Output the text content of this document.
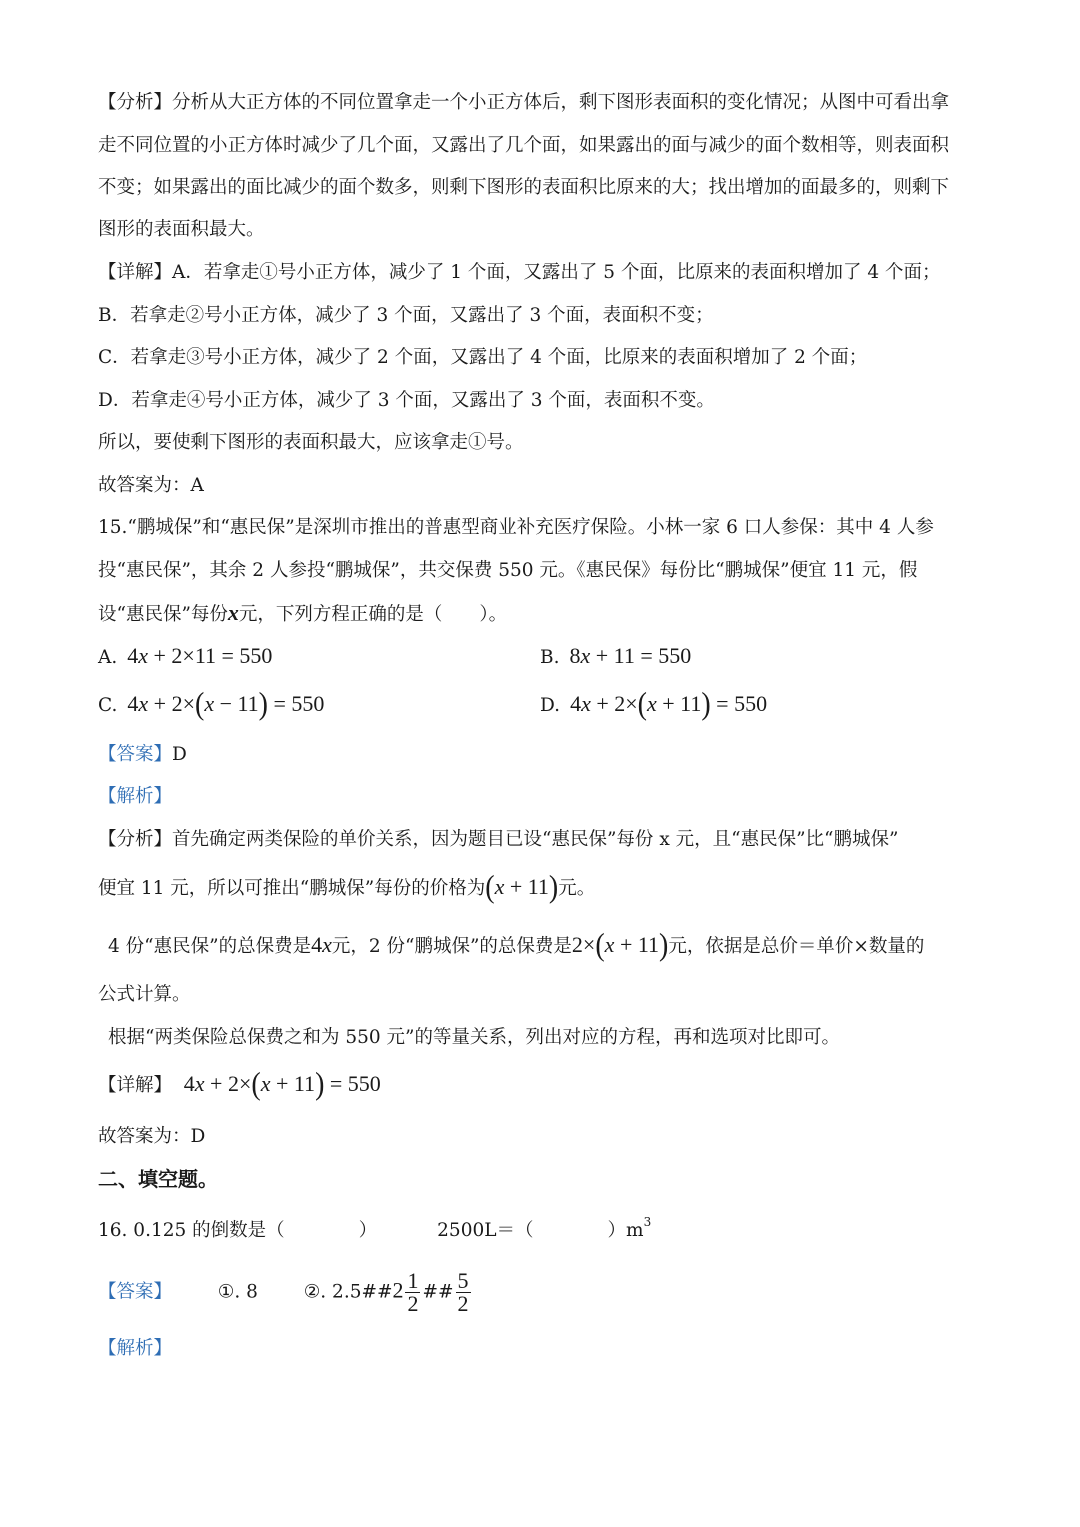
【分析】分析从大正方体的不同位置拿走一个小正方体后，剩下图形表面积的变化情况；从图中可看出拿
走不同位置的小正方体时减少了几个面，又露出了几个面，如果露出的面与减少的面个数相等，则表面积
不变；如果露出的面比减少的面个数多，则剩下图形的表面积比原来的大；找出增加的面最多的，则剩下
图形的表面积最大。
【详解】A．若拿走①号小正方体，减少了 1 个面，又露出了 5 个面，比原来的表面积增加了 4 个面；
B．若拿走②号小正方体，减少了 3 个面，又露出了 3 个面，表面积不变；
C．若拿走③号小正方体，减少了 2 个面，又露出了 4 个面，比原来的表面积增加了 2 个面；
D．若拿走④号小正方体，减少了 3 个面，又露出了 3 个面，表面积不变。
所以，要使剩下图形的表面积最大，应该拿走①号。
故答案为：A
15.“鹏城保”和“惠民保”是深圳市推出的普惠型商业补充医疗保险。小林一家 6 口人参保：其中 4 人参
投“惠民保”，其余 2 人参投“鹏城保”，共交保费 550 元。《惠民保》每份比“鹏城保”便宜 11 元，假
设“惠民保”每份x元，下列方程正确的是（　　）。
A. 4x + 2×11 = 550	B. 8x + 11 = 550
C. 4x + 2×(x − 11) = 550	D. 4x + 2×(x + 11) = 550
【答案】D
【解析】
【分析】首先确定两类保险的单价关系，因为题目已设“惠民保”每份 x 元，且“惠民保”比“鹏城保”
便宜 11 元，所以可推出“鹏城保”每份的价格为(x + 11)元。
4 份“惠民保”的总保费是4x元，2 份“鹏城保”的总保费是2×(x + 11)元，依据是总价＝单价×数量的
公式计算。
根据“两类保险总保费之和为 550 元”的等量关系，列出对应的方程，再和选项对比即可。
【详解】 4x + 2×(x + 11) = 550
故答案为：D
二、填空题。
16. 0.125 的倒数是（　　　　）	2500L＝（　　　　）$m^3$
【答案】 ①. 8 ②. 2.5##2 $\frac{1}{2}$ ## $\frac{5}{2}$
【解析】
